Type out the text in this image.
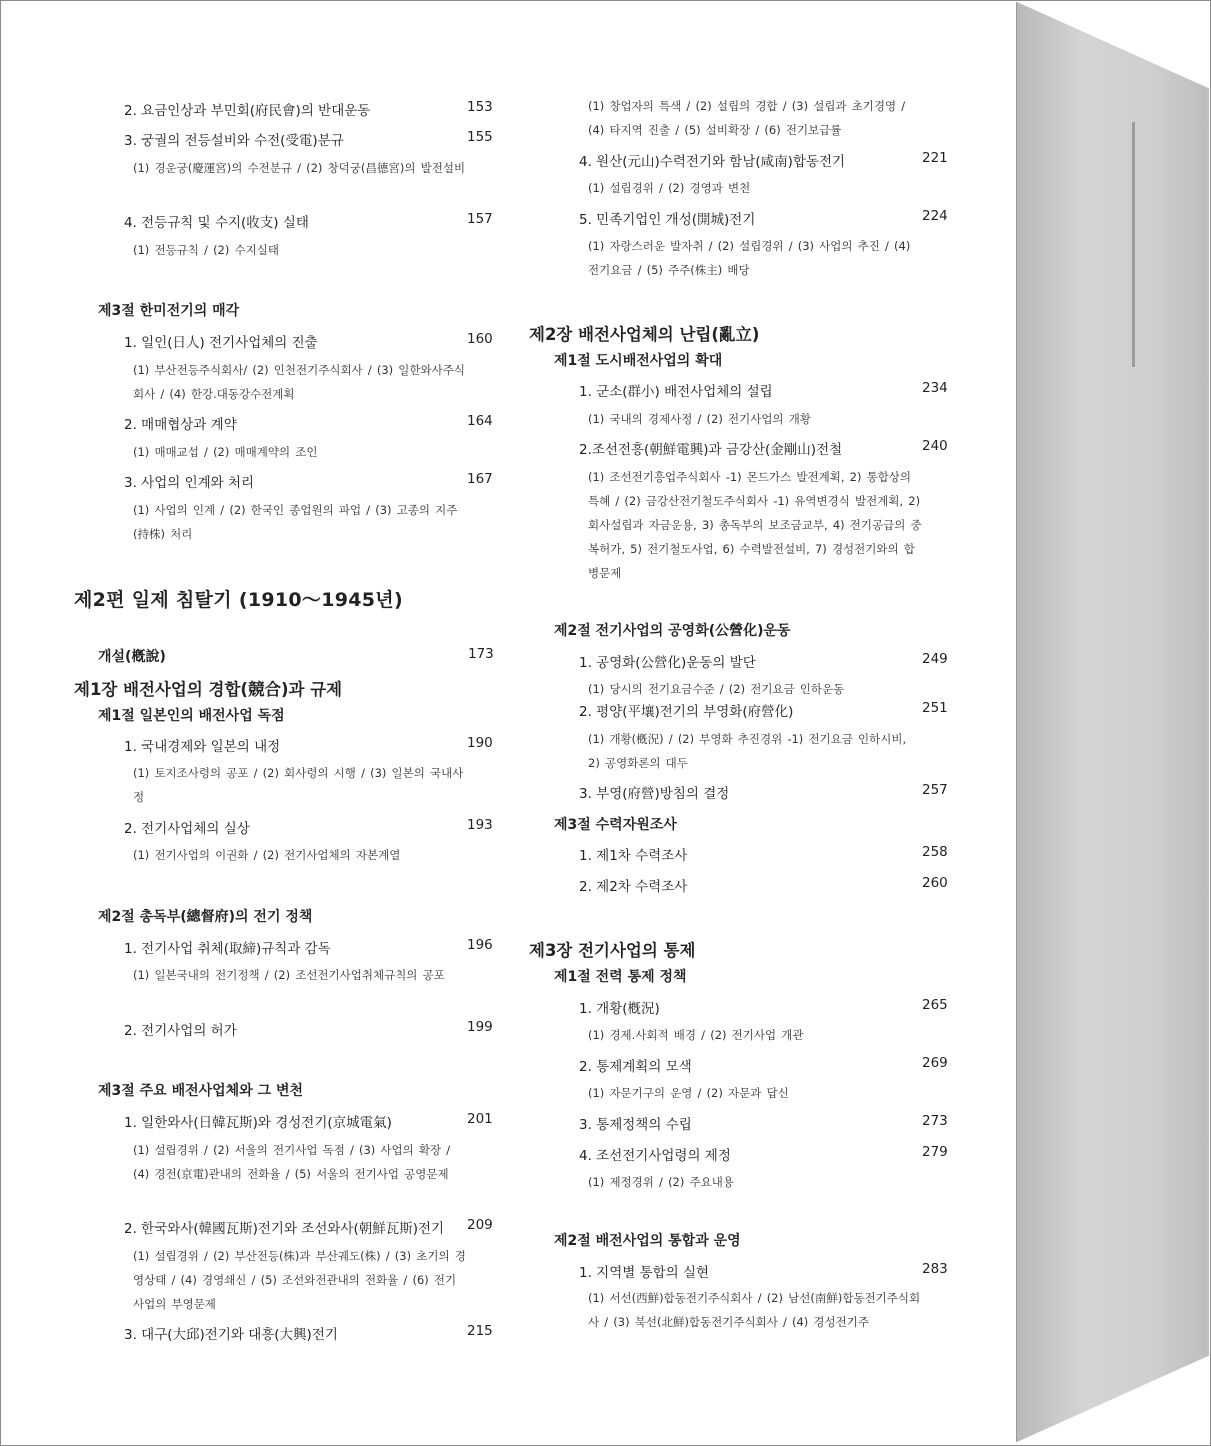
2. 요금인상과 부민회(府民會)의 반대운동	153
3. 궁궐의 전등설비와 수전(受電)분규	155
(1) 경운궁(慶運宮)의 수전분규 / (2) 창덕궁(昌德宮)의 발전설비
4. 전등규칙 및 수지(收支) 실태	157
(1) 전등규칙 / (2) 수지실태
제3절 한미전기의 매각
1. 일인(日人) 전기사업체의 진출	160
(1) 부산전등주식회사/ (2) 인천전기주식회사 / (3) 일한와사주식회사 / (4) 한강.대동강수전계획
2. 매매협상과 계약	164
(1) 매매교섭 / (2) 매매계약의 조인
3. 사업의 인계와 처리	167
(1) 사업의 인계 / (2) 한국인 종업원의 파업 / (3) 고종의 지주(持株) 처리
제2편 일제 침탈기 (1910～1945년)
개설(槪說)	173
제1장 배전사업의 경합(競合)과 규제
제1절 일본인의 배전사업 독점
1. 국내경제와 일본의 내정	190
(1) 토지조사령의 공포 / (2) 회사령의 시행 / (3) 일본의 국내사정
2. 전기사업체의 실상	193
(1) 전기사업의 이권화 / (2) 전기사업체의 자본계열
제2절 총독부(總督府)의 전기 정책
1. 전기사업 취체(取締)규칙과 감독	196
(1) 일본국내의 전기정책 / (2) 조선전기사업취체규칙의 공포
2. 전기사업의 허가	199
제3절 주요 배전사업체와 그 변천
1. 일한와사(日韓瓦斯)와 경성전기(京城電氣)	201
(1) 설립경위 / (2) 서울의 전기사업 독점 / (3) 사업의 확장 / (4) 경전(京電)관내의 전화율 / (5) 서울의 전기사업 공영문제
2. 한국와사(韓國瓦斯)전기와 조선와사(朝鮮瓦斯)전기 209
(1) 설립경위 / (2) 부산전등(株)과 부산궤도(株) / (3) 초기의 경영상태 / (4) 경영쇄신 / (5) 조선와전관내의 전화율 / (6) 전기사업의 부영문제
3. 대구(大邱)전기와 대흥(大興)전기	215
(1) 창업자의 특색 / (2) 설립의 경합 / (3) 설립과 초기경영 / (4) 타지역 진출 / (5) 설비확장 / (6) 전기보급률
4. 원산(元山)수력전기와 함남(咸南)합동전기	221
(1) 설립경위 / (2) 경영과 변천
5. 민족기업인 개성(開城)전기	224
(1) 자랑스러운 발자취 / (2) 설립경위 / (3) 사업의 추진 / (4) 전기요금 / (5) 주주(株主) 배당
제2장 배전사업체의 난립(亂立)
제1절 도시배전사업의 확대
1. 군소(群小) 배전사업체의 설립	234
(1) 국내의 경제사정 / (2) 전기사업의 개황
2.조선전흥(朝鮮電興)과 금강산(金剛山)전철	240
(1) 조선전기흥업주식회사 -1) 몬드가스 발전계획, 2) 통합상의 특혜 / (2) 금강산전기철도주식회사 -1) 유역변경식 발전계획, 2) 회사설립과 자금운용, 3) 총독부의 보조금교부, 4) 전기공급의 중복허가, 5) 전기철도사업, 6) 수력발전설비, 7) 경성전기와의 합병문제
제2절 전기사업의 공영화(公營化)운동
1. 공영화(公營化)운동의 발단	249
(1) 당시의 전기요금수준 / (2) 전기요금 인하운동
2. 평양(平壤)전기의 부영화(府營化)	251
(1) 개황(槪況) / (2) 부영화 추진경위 -1) 전기요금 인하시비, 2) 공영화론의 대두
3. 부영(府營)방침의 결정	257
제3절 수력자원조사
1. 제1차 수력조사	258
2. 제2차 수력조사	260
제3장 전기사업의 통제
제1절 전력 통제 정책
1. 개황(槪況)	265
(1) 경제.사회적 배경 / (2) 전기사업 개관
2. 통제계획의 모색	269
(1) 자문기구의 운영 / (2) 자문과 답신
3. 통제정책의 수립	273
4. 조선전기사업령의 제정	279
(1) 제정경위 / (2) 주요내용
제2절 배전사업의 통합과 운영
1. 지역별 통합의 실현	283
(1) 서선(西鮮)합동전기주식회사 / (2) 남선(南鮮)합동전기주식회사 / (3) 북선(北鮮)합동전기주식회사 / (4) 경성전기주
